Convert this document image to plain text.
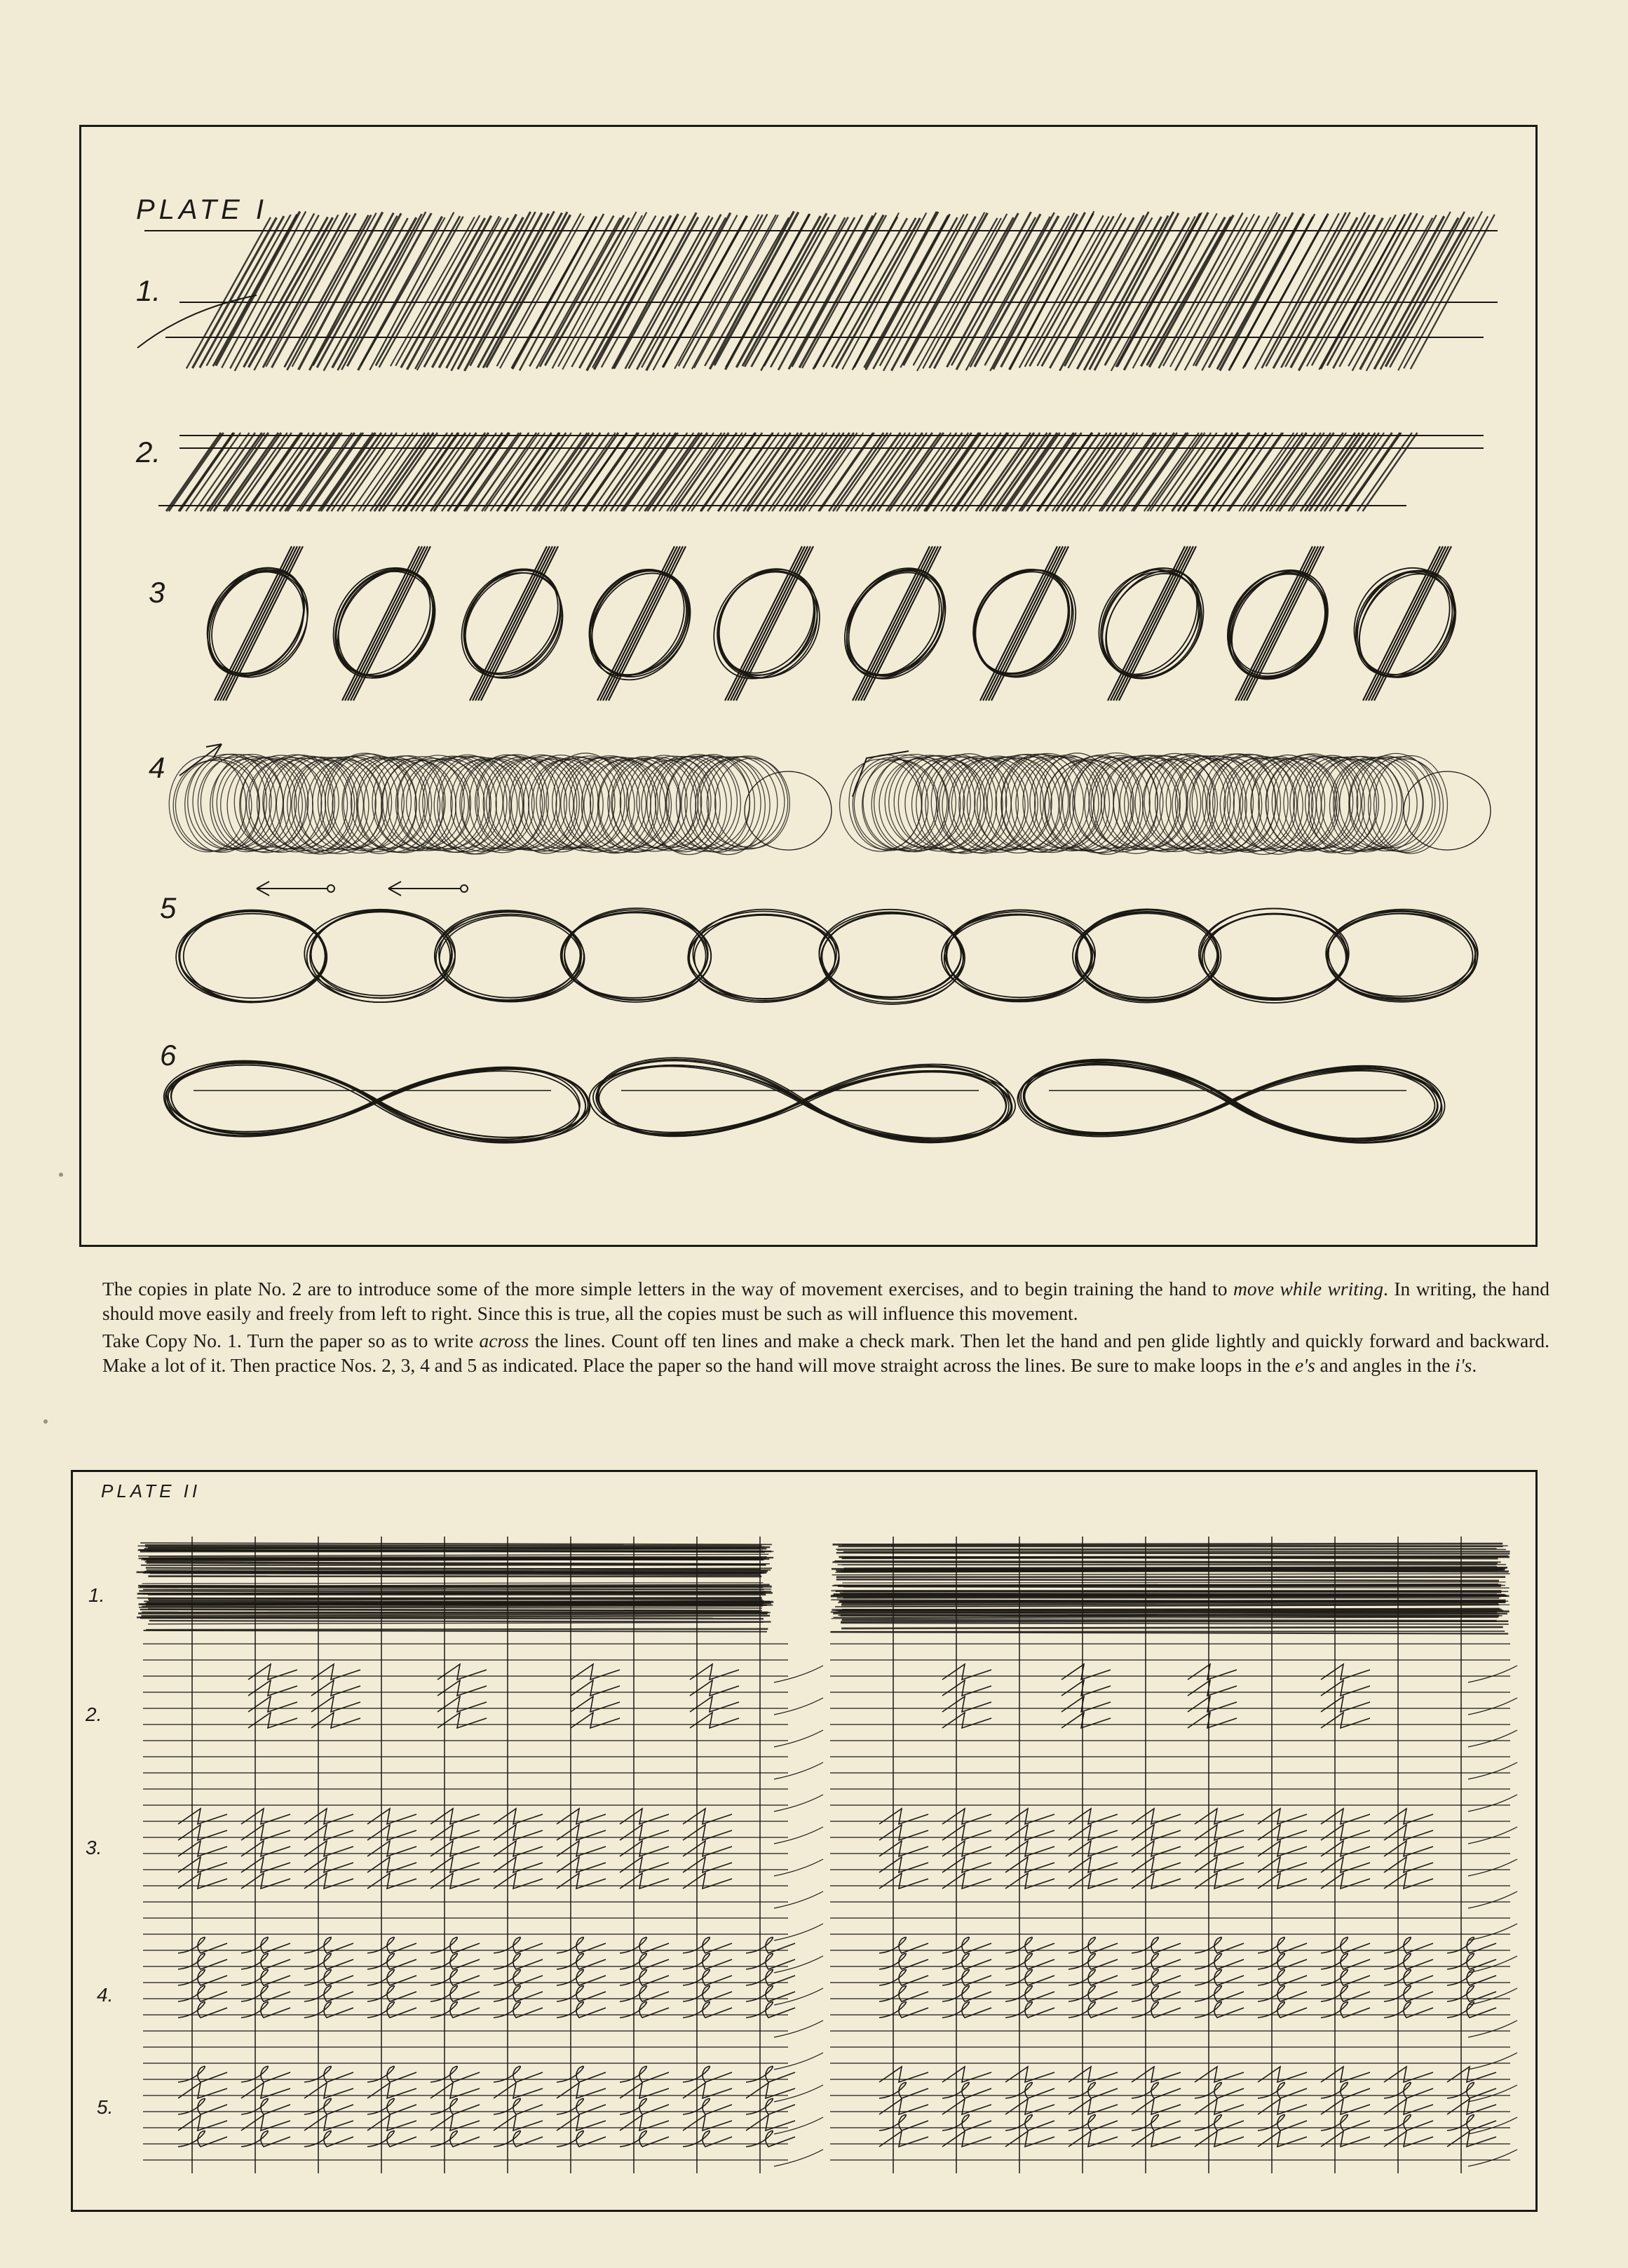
PLATE I
1.
2.
3
4
5
6

The copies in plate No. 2 are to introduce some of the more simple letters in the way of movement exercises, and to begin training the hand to move while writing. In writing, the hand should move easily and freely from left to right. Since this is true, all the copies must be such as will influence this movement.

Take Copy No. 1. Turn the paper so as to write across the lines. Count off ten lines and make a check mark. Then let the hand and pen glide lightly and quickly forward and backward. Make a lot of it. Then practice Nos. 2, 3, 4 and 5 as indicated. Place the paper so the hand will move straight across the lines. Be sure to make loops in the e's and angles in the i's.

PLATE II
1.
2.
3.
4.
5.
